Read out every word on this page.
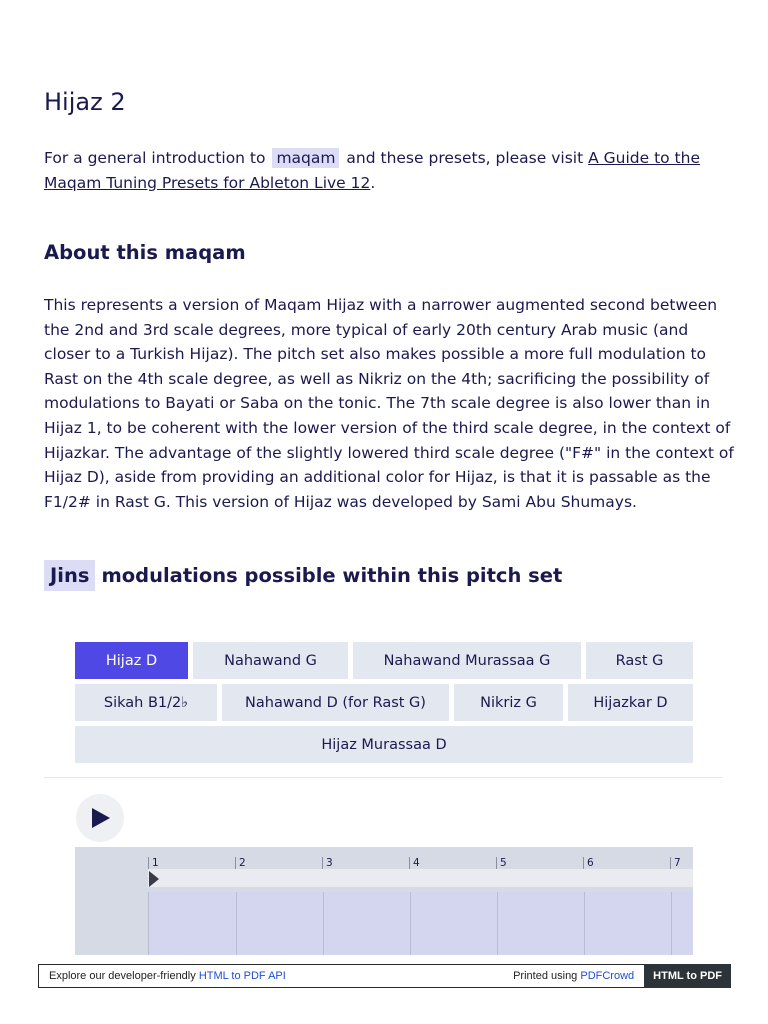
Hijaz 2

For a general introduction to maqam and these presets, please visit A Guide to the Maqam Tuning Presets for Ableton Live 12.

About this maqam

This represents a version of Maqam Hijaz with a narrower augmented second between the 2nd and 3rd scale degrees, more typical of early 20th century Arab music (and closer to a Turkish Hijaz). The pitch set also makes possible a more full modulation to Rast on the 4th scale degree, as well as Nikriz on the 4th; sacrificing the possibility of modulations to Bayati or Saba on the tonic. The 7th scale degree is also lower than in Hijaz 1, to be coherent with the lower version of the third scale degree, in the context of Hijazkar. The advantage of the slightly lowered third scale degree ("F#" in the context of Hijaz D), aside from providing an additional color for Hijaz, is that it is passable as the F1/2# in Rast G. This version of Hijaz was developed by Sami Abu Shumays.

Jins modulations possible within this pitch set
Hijaz D	Nahawand G	Nahawand Murassaa G	Rast G
Sikah B1/2♭	Nahawand D (for Rast G)	Nikriz G	Hijazkar D
Hijaz Murassaa D
1	2	3	4	5	6	7
Explore our developer-friendly HTML to PDF API	Printed using PDFCrowd	HTML to PDF
